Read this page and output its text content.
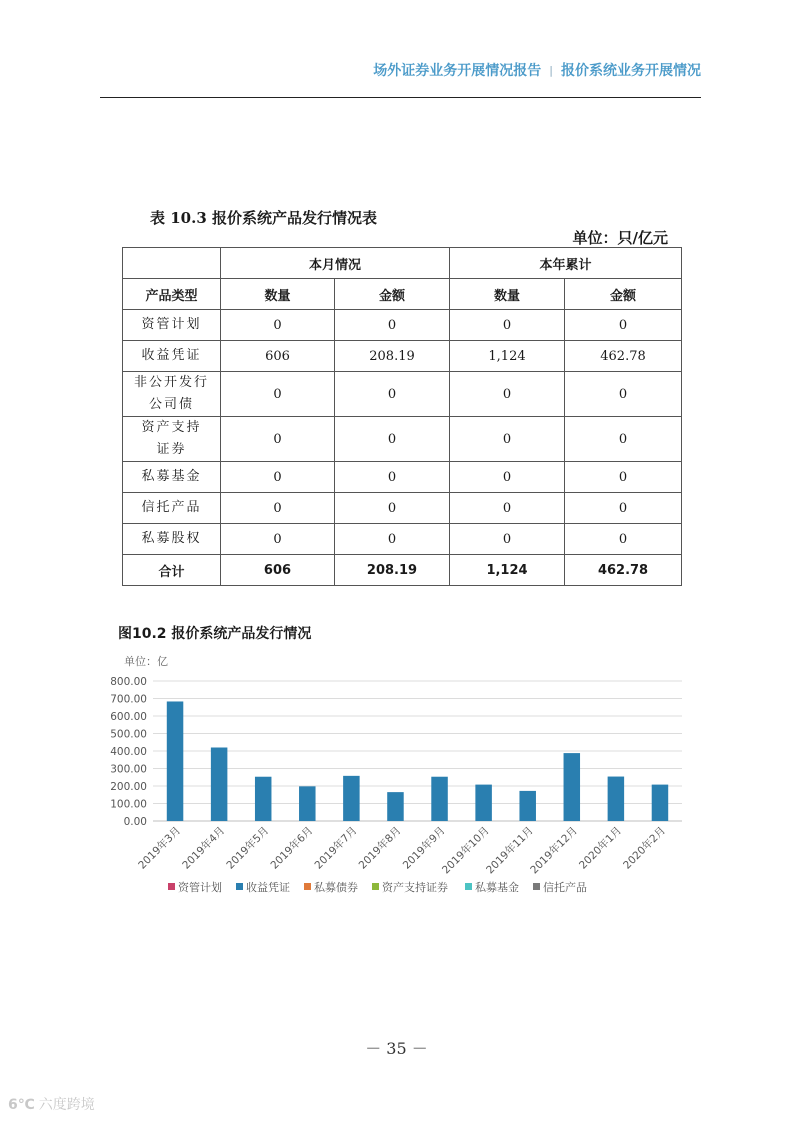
场外证券业务开展情况报告 | 报价系统业务开展情况
表 10.3 报价系统产品发行情况表
单位：只/亿元
	本月情况		本年累计	
产品类型	数量	金额	数量	金额
资管计划	0	0	0	0
收益凭证	606	208.19	1,124	462.78
非公开发行
公司债	0	0	0	0
资产支持
证券	0	0	0	0
私募基金	0	0	0	0
信托产品	0	0	0	0
私募股权	0	0	0	0
合计	606	208.19	1,124	462.78
图10.2 报价系统产品发行情况
单位：亿
0.00
100.00
200.00
300.00
400.00
500.00
600.00
700.00
800.00
2019年3月
2019年4月
2019年5月
2019年6月
2019年7月
2019年8月
2019年9月
2019年10月
2019年11月
2019年12月
2020年1月
2020年2月
资管计划 收益凭证 私募债券 资产支持证券 私募基金 信托产品
－ 35 －
6℃ 六度跨境
